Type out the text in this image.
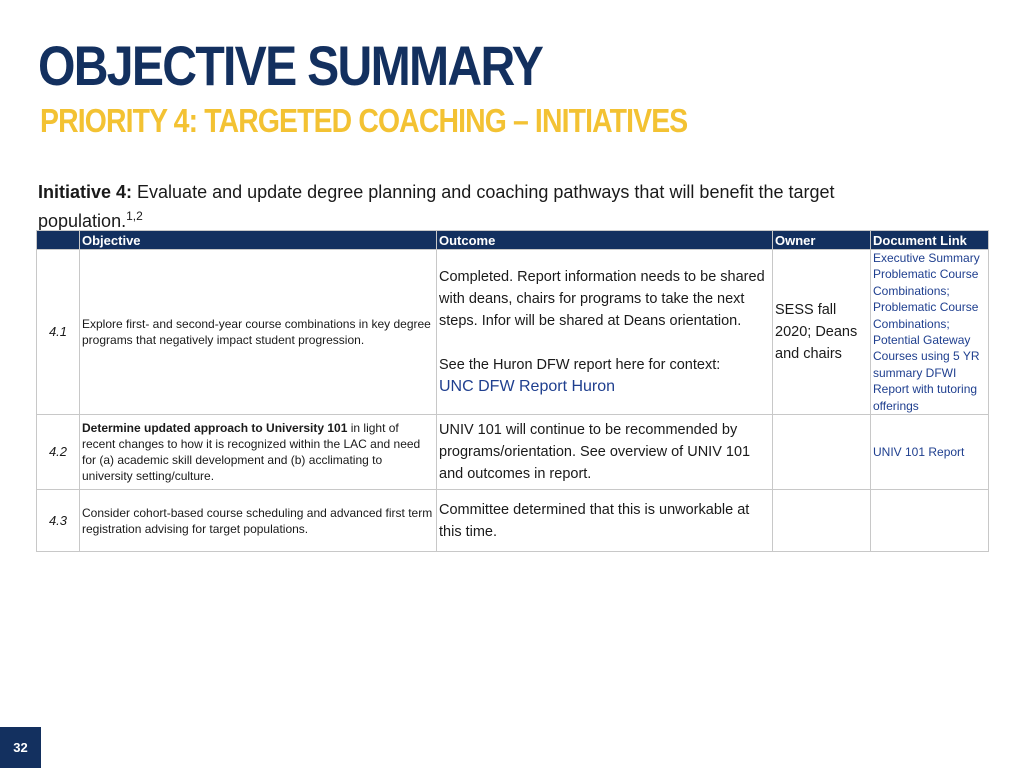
OBJECTIVE SUMMARY
PRIORITY 4: TARGETED COACHING – INITIATIVES
Initiative 4: Evaluate and update degree planning and coaching pathways that will benefit the target population.$^{1,2}$
	Objective	Outcome	Owner	Document Link
4.1	Explore first- and second-year course combinations in key degree programs that negatively impact student progression.	Completed. Report information needs to be shared with deans, chairs for programs to take the next steps. Infor will be shared at Deans orientation.
See the Huron DFW report here for context:
UNC DFW Report Huron	SESS fall 2020; Deans and chairs	Executive Summary Problematic Course Combinations; Problematic Course Combinations; Potential Gateway Courses using 5 YR summary DFWI Report with tutoring offerings
4.2	Determine updated approach to University 101 in light of recent changes to how it is recognized within the LAC and need for (a) academic skill development and (b) acclimating to university setting/culture.	UNIV 101 will continue to be recommended by programs/orientation. See overview of UNIV 101 and outcomes in report.		UNIV 101 Report
4.3	Consider cohort-based course scheduling and advanced first term registration advising for target populations.	Committee determined that this is unworkable at this time.		
32
